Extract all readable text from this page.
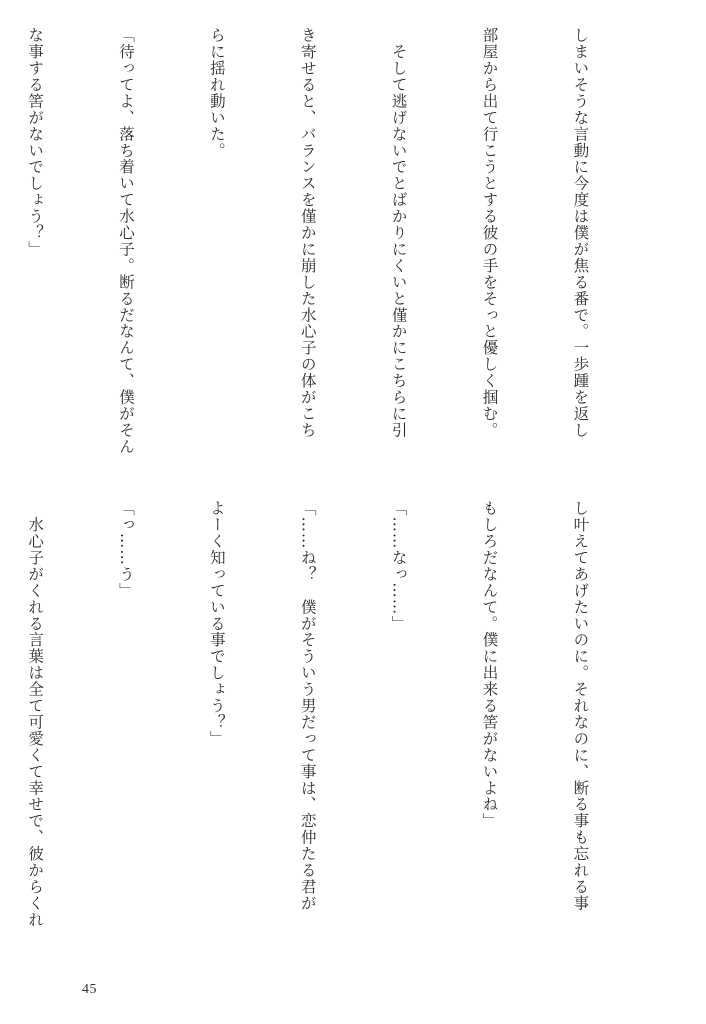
しまいそうな言動に今度は僕が焦る番で。一歩踵を返し

部屋から出て行こうとする彼の手をそっと優しく掴む。

　そして逃げないでとばかりにくいと僅かにこちらに引

き寄せると、バランスを僅かに崩した水心子の体がこち

らに揺れ動いた。

「待ってよ、落ち着いて水心子。断るだなんて、僕がそん

な事する筈がないでしょう？」

し叶えてあげたいのに。それなのに、断る事も忘れる事

もしろだなんて。僕に出来る筈がないよね」

「……なっ……」

「……ね？　僕がそういう男だって事は、恋仲たる君が

よーく知っている事でしょう？」

「っ……う」

　水心子がくれる言葉は全て可愛くて幸せで、彼からくれ

45
